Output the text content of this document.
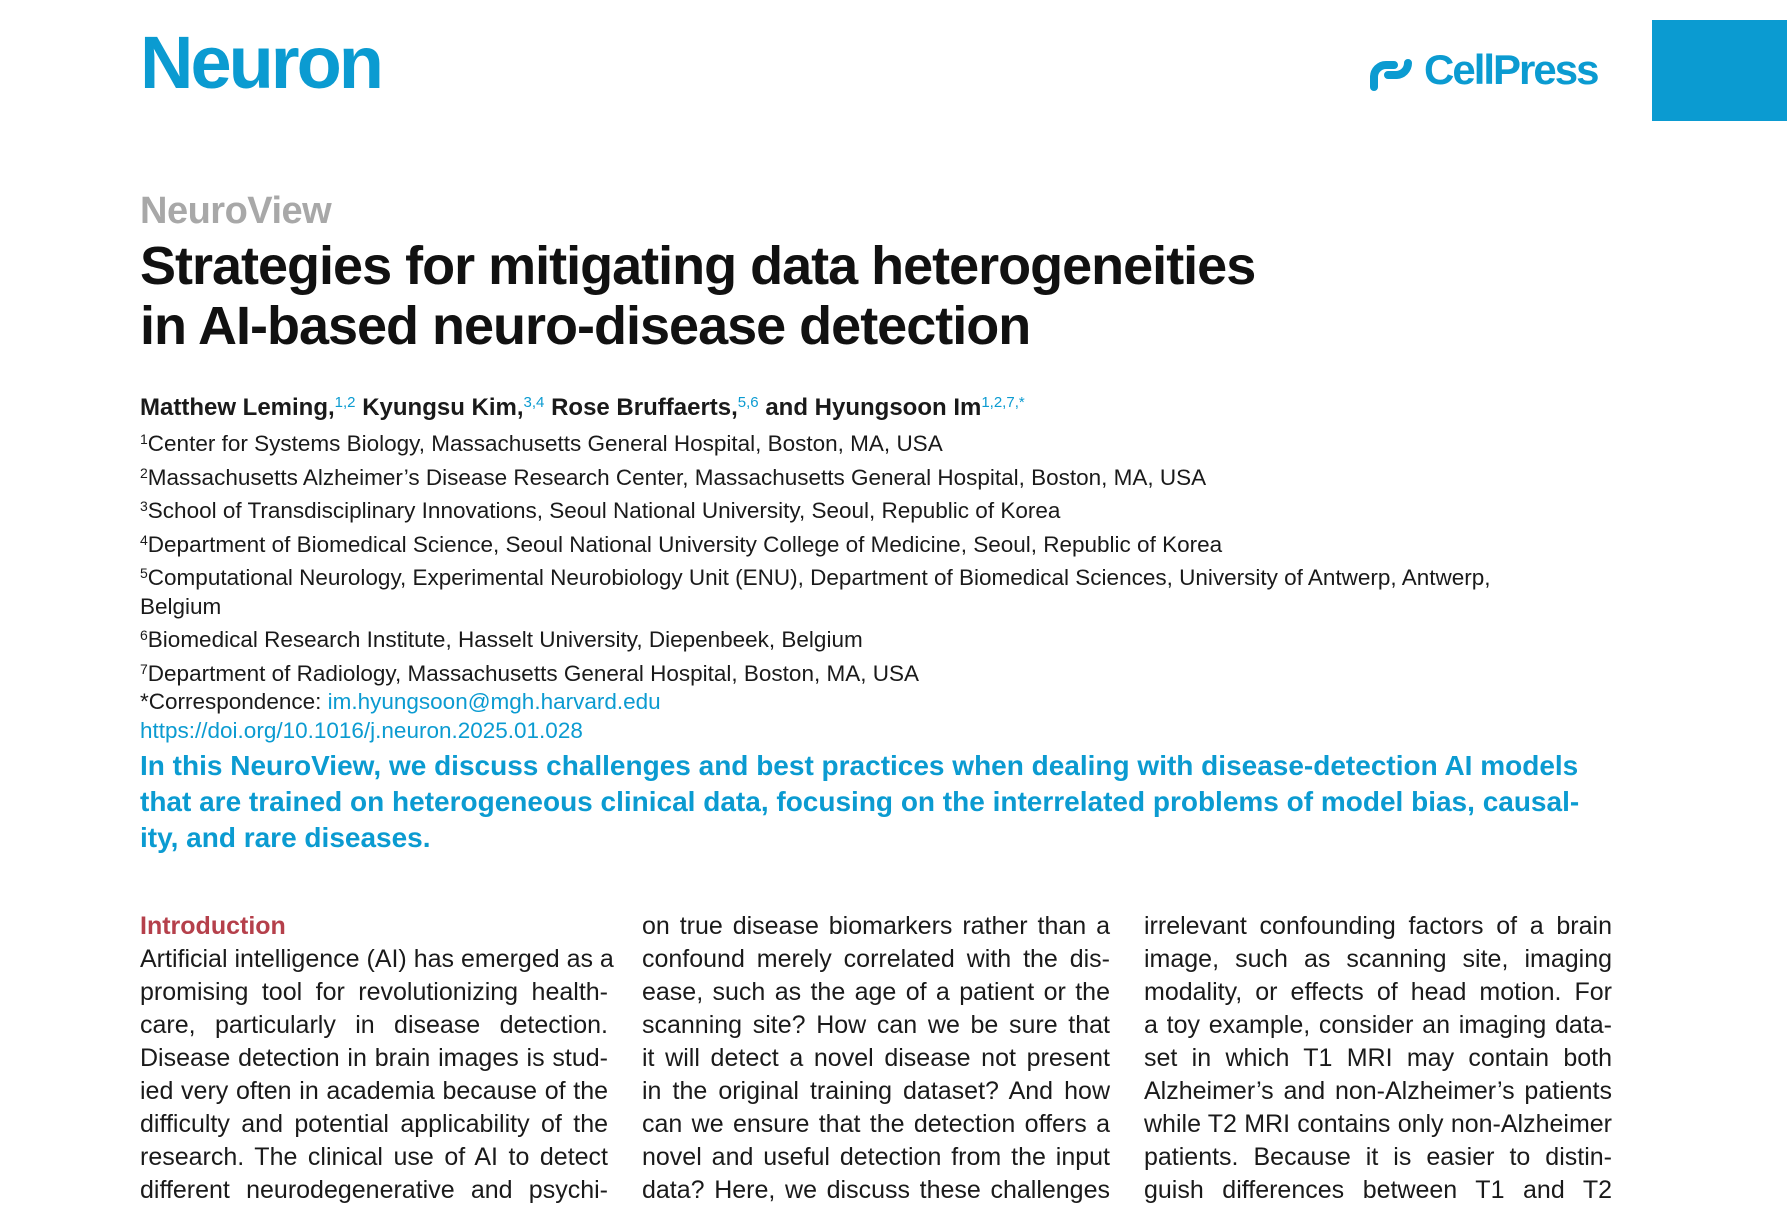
Neuron	CellPress
NeuroView
Strategies for mitigating data heterogeneities
in AI-based neuro-disease detection
Matthew Leming,$^{1,2}$ Kyungsu Kim,$^{3,4}$ Rose Bruffaerts,$^{5,6}$ and Hyungsoon $Im^{1,2,7,*}$
$^1$Center for Systems Biology, Massachusetts General Hospital, Boston, MA, USA
$^2$Massachusetts Alzheimer’s Disease Research Center, Massachusetts General Hospital, Boston, MA, USA
$^3$School of Transdisciplinary Innovations, Seoul National University, Seoul, Republic of Korea
$^4$Department of Biomedical Science, Seoul National University College of Medicine, Seoul, Republic of Korea
$^5$Computational Neurology, Experimental Neurobiology Unit (ENU), Department of Biomedical Sciences, University of Antwerp, Antwerp,
Belgium
$^6$Biomedical Research Institute, Hasselt University, Diepenbeek, Belgium
$^7$Department of Radiology, Massachusetts General Hospital, Boston, MA, USA
*Correspondence: im.hyungsoon@mgh.harvard.edu
https://doi.org/10.1016/j.neuron.2025.01.028
In this NeuroView, we discuss challenges and best practices when dealing with disease-detection AI models
that are trained on heterogeneous clinical data, focusing on the interrelated problems of model bias, causal-
ity, and rare diseases.
Introduction
Artificial intelligence (AI) has emerged as a
promising tool for revolutionizing health-
care, particularly in disease detection.
Disease detection in brain images is stud-
ied very often in academia because of the
difficulty and potential applicability of the
research. The clinical use of AI to detect
different neurodegenerative and psychi-
on true disease biomarkers rather than a
confound merely correlated with the dis-
ease, such as the age of a patient or the
scanning site? How can we be sure that
it will detect a novel disease not present
in the original training dataset? And how
can we ensure that the detection offers a
novel and useful detection from the input
data? Here, we discuss these challenges
irrelevant confounding factors of a brain
image, such as scanning site, imaging
modality, or effects of head motion. For
a toy example, consider an imaging data-
set in which T1 MRI may contain both
Alzheimer’s and non-Alzheimer’s patients
while T2 MRI contains only non-Alzheimer
patients. Because it is easier to distin-
guish differences between T1 and T2
